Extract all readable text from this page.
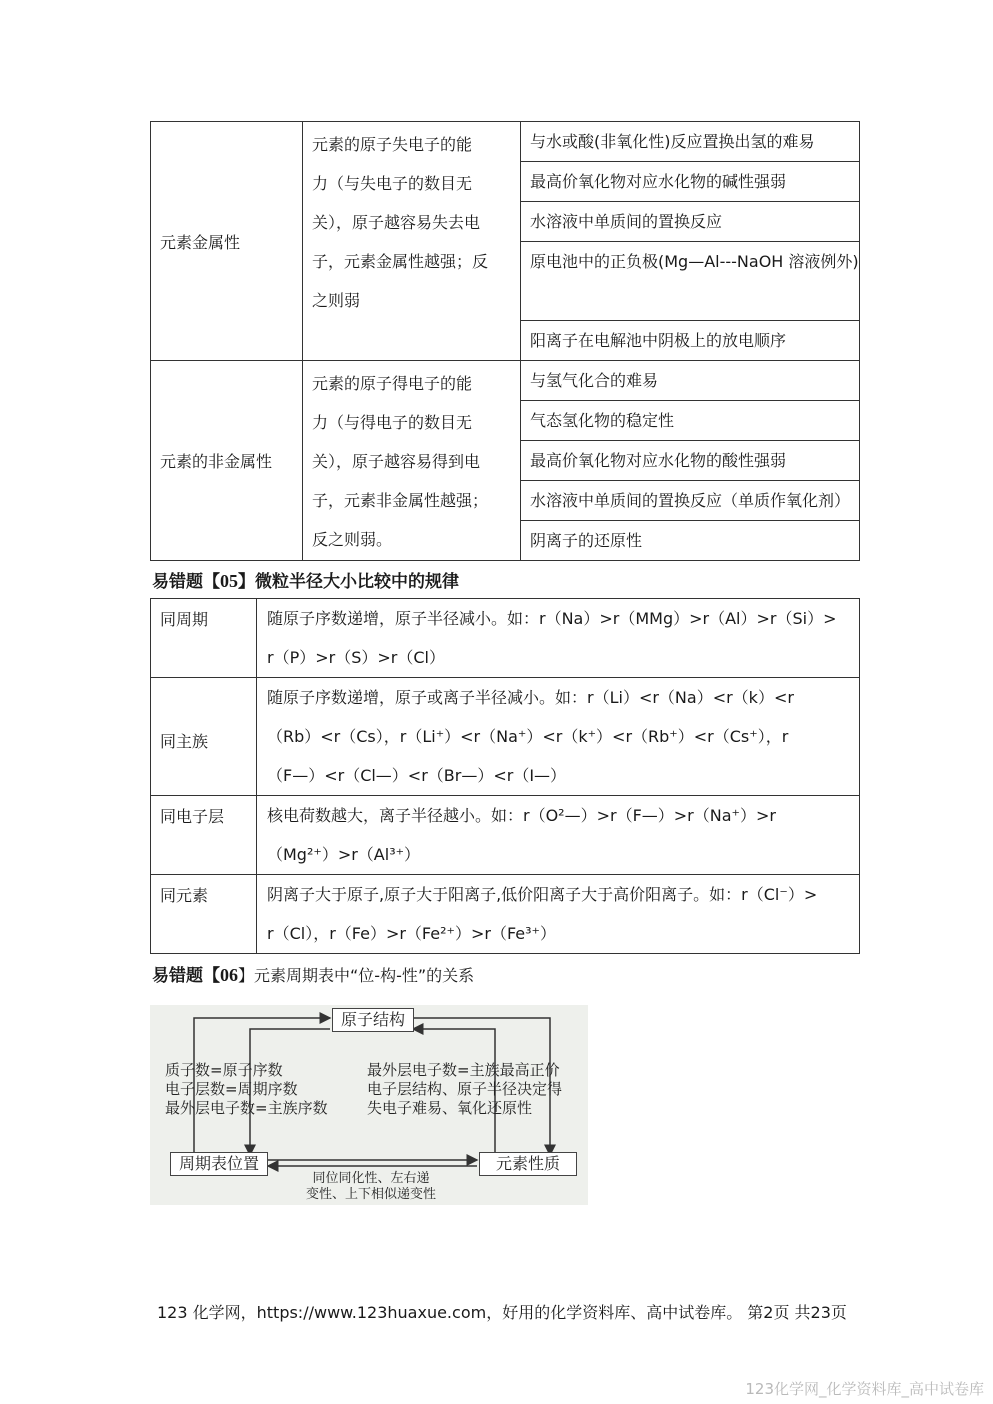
元素金属性	元素的原子失电子的能
力（与失电子的数目无
关），原子越容易失去电
子，元素金属性越强；反
之则弱	与水或酸(非氧化性)反应置换出氢的难易
		最高价氧化物对应水化物的碱性强弱
		水溶液中单质间的置换反应

		原电池中的正负极(Mg—Al---NaOH 溶液例外)

		阳离子在电解池中阴极上的放电顺序
元素的非金属性	元素的原子得电子的能
力（与得电子的数目无
关），原子越容易得到电
子，元素非金属性越强；
反之则弱。	与氢气化合的难易
		气态氢化物的稳定性
		最高价氧化物对应水化物的酸性强弱
		水溶液中单质间的置换反应（单质作氧化剂）
		阴离子的还原性
易错题【05】微粒半径大小比较中的规律
同周期	随原子序数递增，原子半径减小。如：r（Na）>r（MMg）>r（Al）>r（Si）>
r（P）>r（S）>r（Cl）

同主族	随原子序数递增，原子或离子半径减小。如：r（Li）<r（Na）<r（k）<r
（Rb）<r（Cs），r（Li⁺）<r（Na⁺）<r（k⁺）<r（Rb⁺）<r（Cs⁺），r
（F—）<r（Cl—）<r（Br—）<r（I—）

同电子层	核电荷数越大，离子半径越小。如：r（O²—）>r（F—）>r（Na⁺）>r
（Mg²⁺）>r（Al³⁺）

同元素	阴离子大于原子,原子大于阳离子,低价阳离子大于高价阳离子。如：r（Cl⁻）>
r（Cl），r（Fe）>r（Fe²⁺）>r（Fe³⁺）
易错题【06】元素周期表中“位-构-性”的关系
原子结构
周期表位置	元素性质
质子数=原子序数
电子层数=周期序数
最外层电子数=主族序数
最外层电子数=主族最高正价
电子层结构、原子半径决定得
失电子难易、氧化还原性
同位同化性、左右递
变性、上下相似递变性
123 化学网，https://www.123huaxue.com，好用的化学资料库、高中试卷库。 第2页 共23页
123化学网_化学资料库_高中试卷库
